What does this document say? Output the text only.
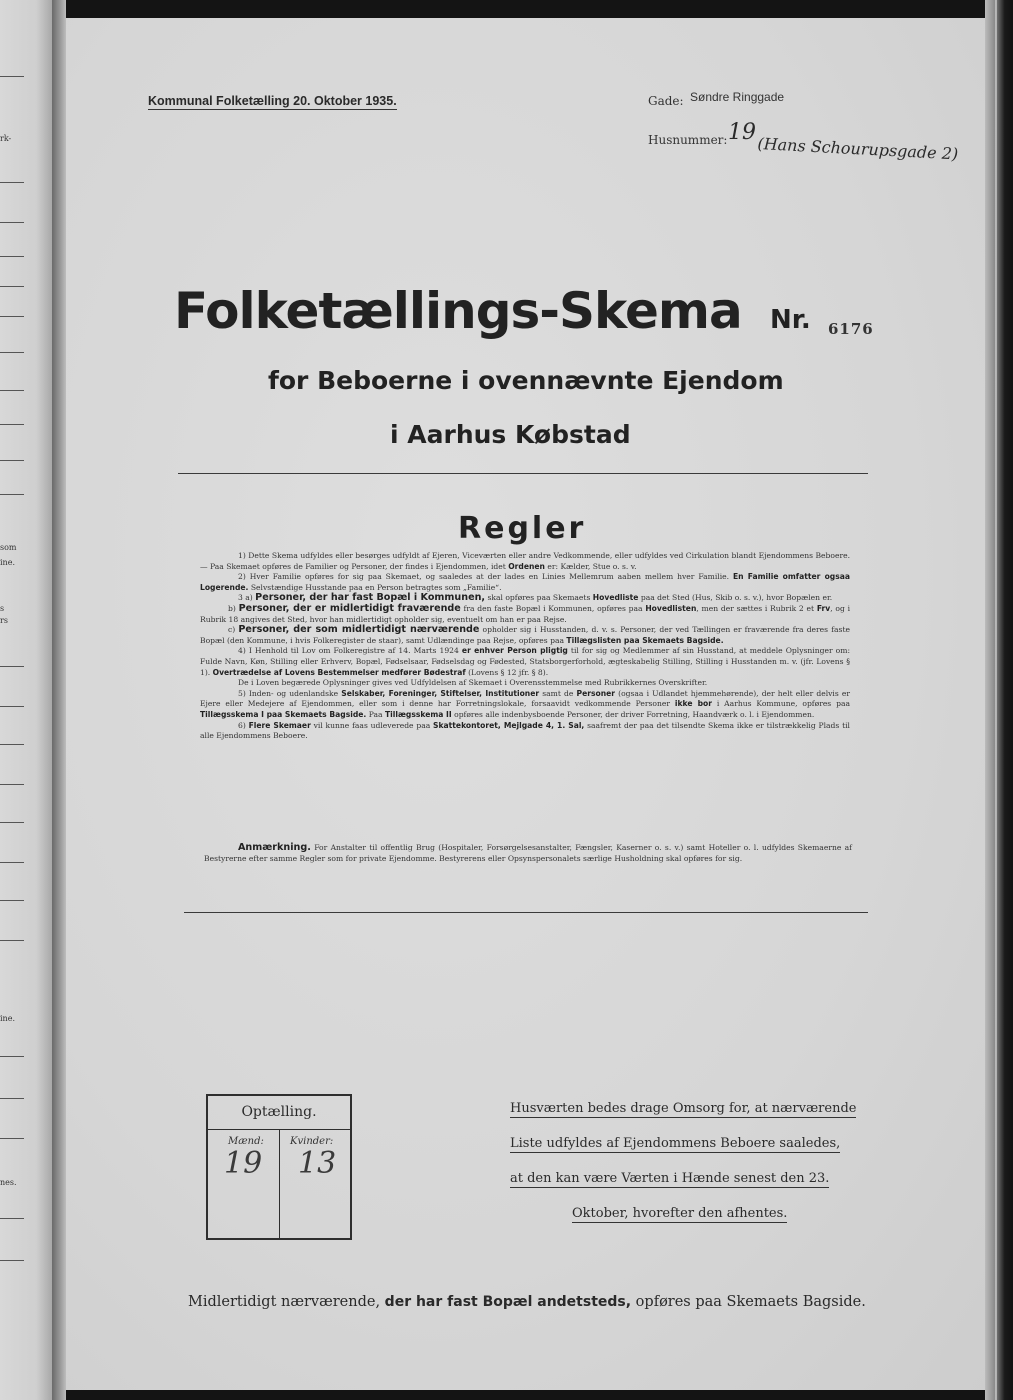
rk-
som
ine.
s
rs
ine.
nes.
Kommunal Folketælling 20. Oktober 1935.	Gade: Søndre Ringgade
Husnummer: 19
(Hans Schourupsgade 2)
Folketællings-Skema Nr. 6176
for Beboerne i ovennævnte Ejendom
i Aarhus Købstad
Regler

1) Dette Skema udfyldes eller besørges udfyldt af Ejeren, Viceværten eller andre Vedkommende, eller udfyldes ved Cirkulation blandt Ejendommens Beboere. — Paa Skemaet opføres de Familier og Personer, der findes i Ejendommen, idet Ordenen er: Kælder, Stue o. s. v.

2) Hver Familie opføres for sig paa Skemaet, og saaledes at der lades en Linies Mellemrum aaben mellem hver Familie. En Familie omfatter ogsaa Logerende. Selvstændige Husstande paa en Person betragtes som „Familie“.

3 a) Personer, der har fast Bopæl i Kommunen, skal opføres paa Skemaets Hovedliste paa det Sted (Hus, Skib o. s. v.), hvor Bopælen er.

b) Personer, der er midlertidigt fraværende fra den faste Bopæl i Kommunen, opføres paa Hovedlisten, men der sættes i Rubrik 2 et Frv, og i Rubrik 18 angives det Sted, hvor han midlertidigt opholder sig, eventuelt om han er paa Rejse.

c) Personer, der som midlertidigt nærværende opholder sig i Husstanden, d. v. s. Personer, der ved Tællingen er fraværende fra deres faste Bopæl (den Kommune, i hvis Folkeregister de staar), samt Udlændinge paa Rejse, opføres paa Tillægslisten paa Skemaets Bagside.

4) I Henhold til Lov om Folkeregistre af 14. Marts 1924 er enhver Person pligtig til for sig og Medlemmer af sin Husstand, at meddele Oplysninger om: Fulde Navn, Køn, Stilling eller Erhverv, Bopæl, Fødselsaar, Fødselsdag og Fødested, Statsborgerforhold, ægteskabelig Stilling, Stilling i Husstanden m. v. (jfr. Lovens § 1). Overtrædelse af Lovens Bestemmelser medfører Bødestraf (Lovens § 12 jfr. § 8).

De i Loven begærede Oplysninger gives ved Udfyldelsen af Skemaet i Overensstemmelse med Rubrikkernes Overskrifter.

5) Inden- og udenlandske Selskaber, Foreninger, Stiftelser, Institutioner samt de Personer (ogsaa i Udlandet hjemmehørende), der helt eller delvis er Ejere eller Medejere af Ejendommen, eller som i denne har Forretningslokale, forsaavidt vedkommende Personer ikke bor i Aarhus Kommune, opføres paa Tillægsskema I paa Skemaets Bagside. Paa Tillægsskema II opføres alle indenbysboende Personer, der driver Forretning, Haandværk o. l. i Ejendommen.

6) Flere Skemaer vil kunne faas udleverede paa Skattekontoret, Mejlgade 4, 1. Sal, saafremt der paa det tilsendte Skema ikke er tilstrækkelig Plads til alle Ejendommens Beboere.

Anmærkning. For Anstalter til offentlig Brug (Hospitaler, Forsørgelsesanstalter, Fængsler, Kaserner o. s. v.) samt Hoteller o. l. udfyldes Skemaerne af Bestyrerne efter samme Regler som for private Ejendomme. Bestyrerens eller Opsynspersonalets særlige Husholdning skal opføres for sig.

Optælling.
Mænd:	Kvinder:
19 13
Husværten bedes drage Omsorg for, at nærværende
Liste udfyldes af Ejendommens Beboere saaledes,
at den kan være Værten i Hænde senest den 23.
Oktober, hvorefter den afhentes.
Midlertidigt nærværende, der har fast Bopæl andetsteds, opføres paa Skemaets Bagside.
